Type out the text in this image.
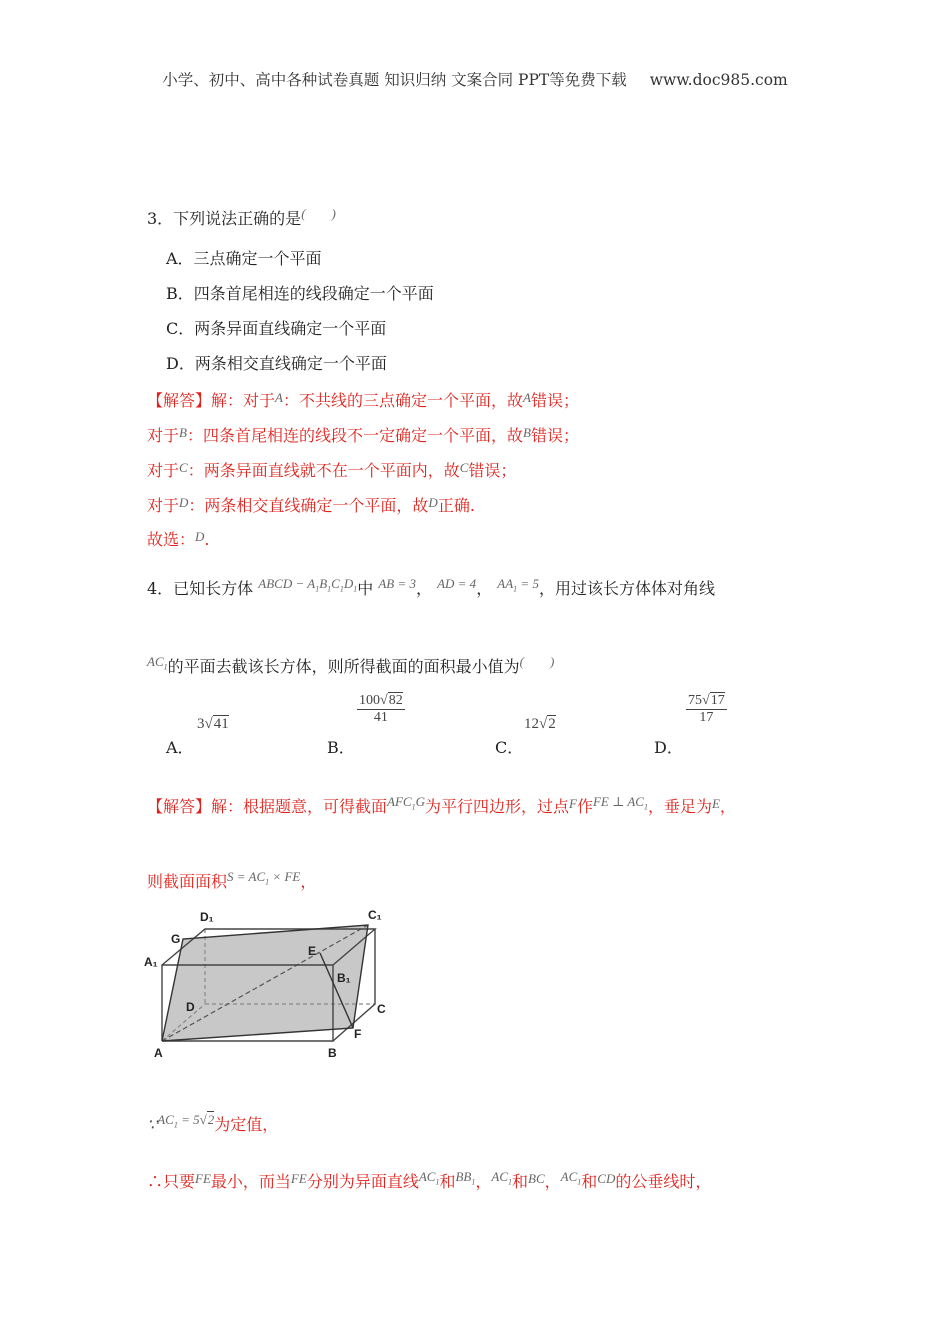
小学、初中、高中各种试卷真题 知识归纳 文案合同 PPT等免费下载 www.doc985.com
3．下列说法正确的是(　　)
A．三点确定一个平面
B．四条首尾相连的线段确定一个平面
C．两条异面直线确定一个平面
D．两条相交直线确定一个平面
【解答】解：对于$^A$：不共线的三点确定一个平面，故$^A$错误；
对于$^B$：四条首尾相连的线段不一定确定一个平面，故$^B$错误；
对于$^C$：两条异面直线就不在一个平面内，故$^C$错误；
对于$^D$：两条相交直线确定一个平面，故$^D$正确.
故选：$^D$.
4．已知长方体 $^{ABCD - A_1B_1C_1D_1}$中 $^{AB = 3}$， $^{AD = 4}$， $^{AA_1 = 5}$，用过该长方体体对角线
$^{AC_1}$的平面去截该长方体，则所得截面的面积最小值为(　　)
A．
3√41
B．
$\frac{100√82}{41}$
C．
12√2
D．
$\frac{75√17}{17}$
【解答】解：根据题意，可得截面$^{AFC_1G}$为平行四边形，过点$^F$作$^{FE \perp AC_1}$，垂足为$^E$，
则截面面积$^{S = AC_1 \times FE}$，
D₁	C₁
G
A₁
E
B₁
D	C
F
A	B
∵$^{AC_1 = 5√2}$为定值，
∴只要$^{FE}$最小，而当$^{FE}$分别为异面直线$^{AC_1}$和$^{BB_1}$，$^{AC_1}$和$^{BC}$，$^{AC_1}$和$^{CD}$的公垂线时，
